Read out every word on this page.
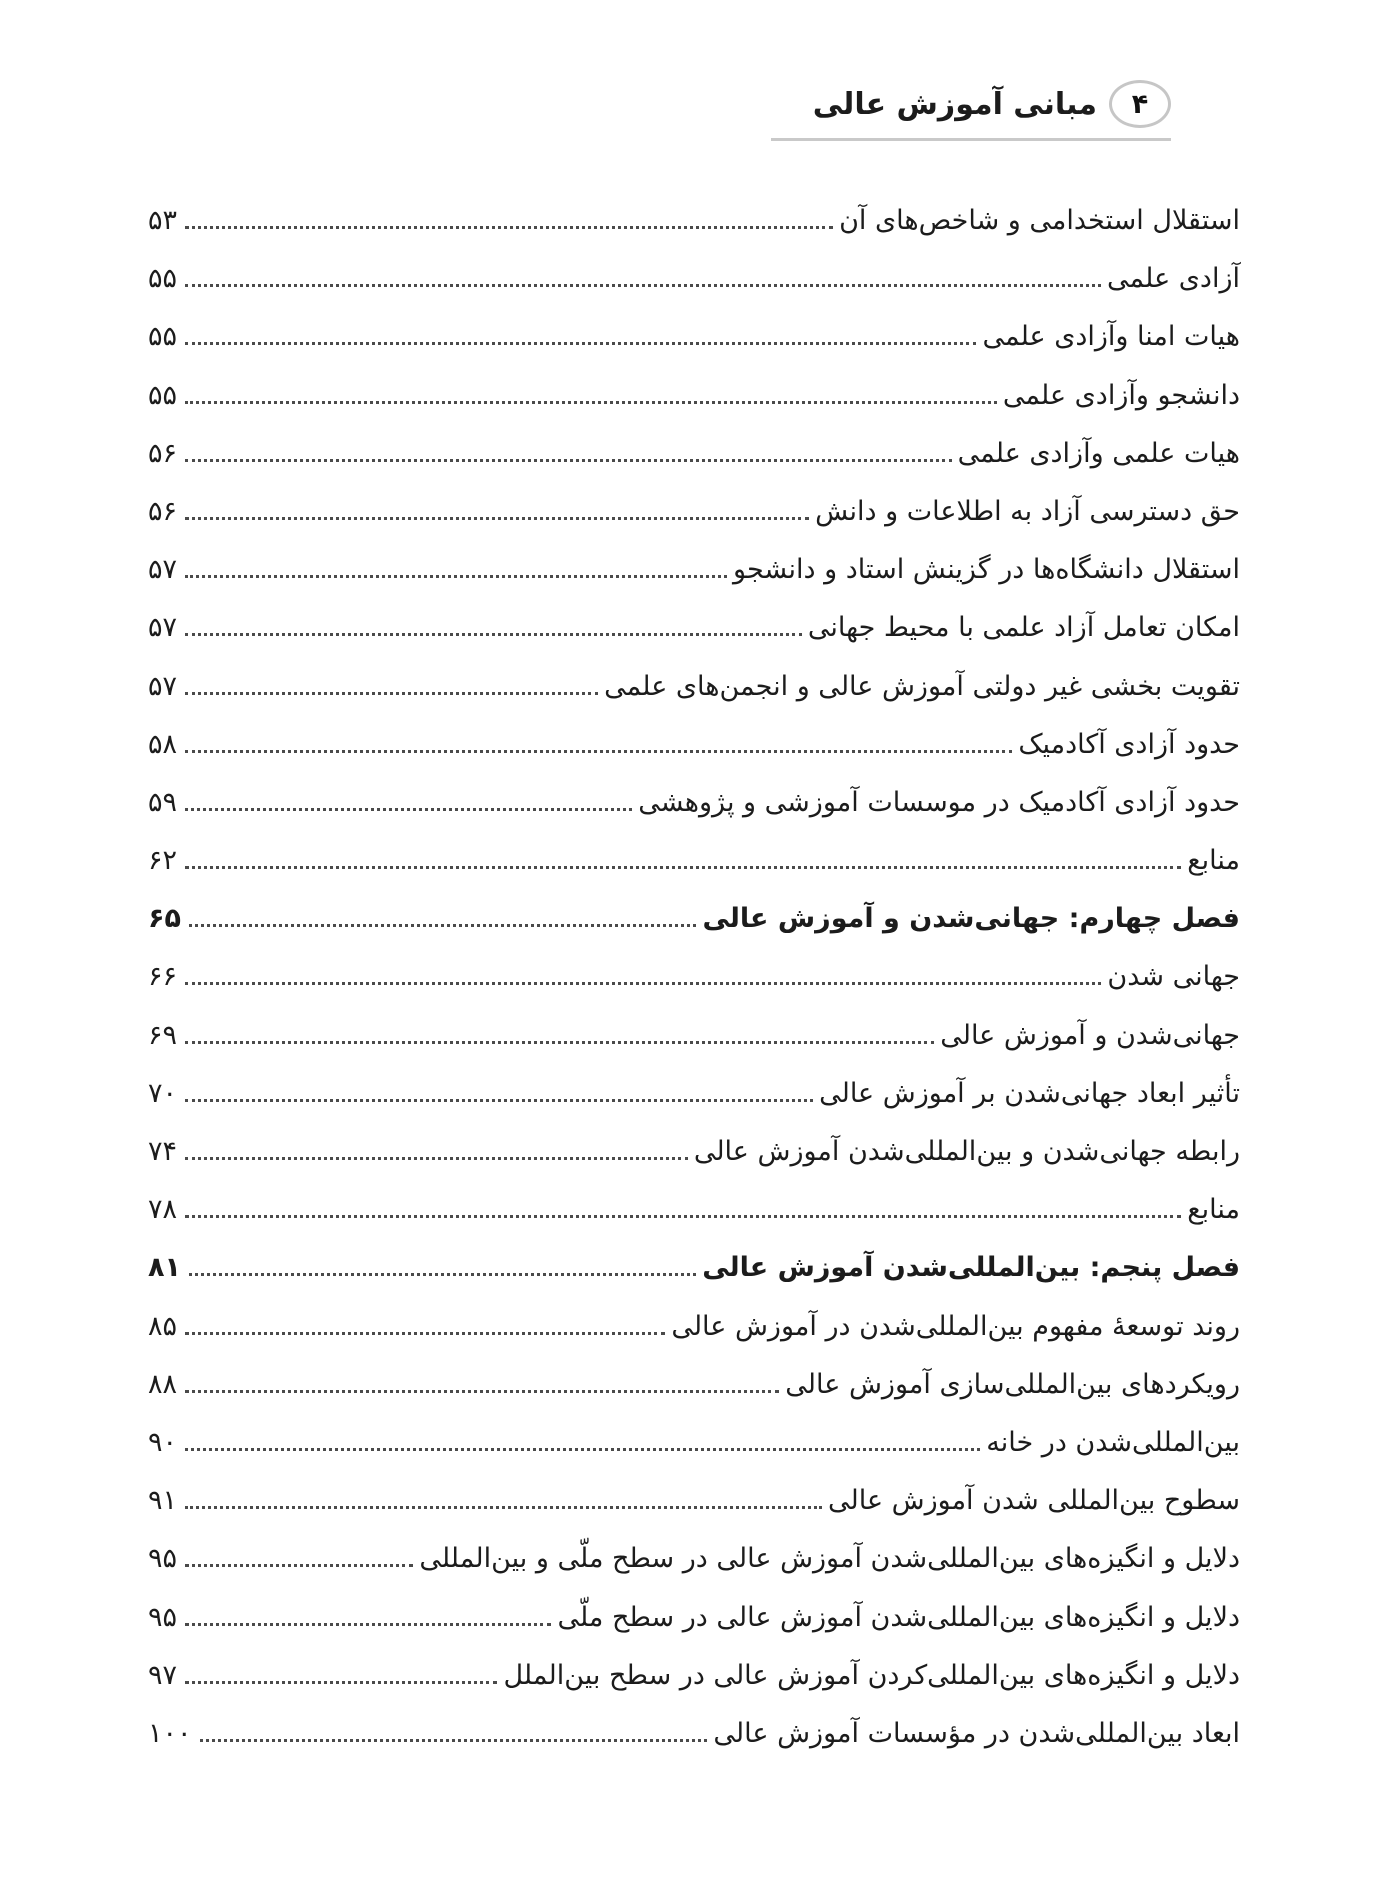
۴
مبانی آموزش عالی
استقلال استخدامی و شاخص‌های آن
۵۳
آزادی علمی
۵۵
هیات امنا وآزادی علمی
۵۵
دانشجو وآزادی علمی
۵۵
هیات علمی وآزادی علمی
۵۶
حق دسترسی آزاد به اطلاعات و دانش
۵۶
استقلال دانشگاه‌ها در گزینش استاد و دانشجو
۵۷
امکان تعامل آزاد علمی با محیط جهانی
۵۷
تقویت بخشی غیر دولتی آموزش عالی و انجمن‌های علمی
۵۷
حدود آزادی آکادمیک
۵۸
حدود آزادی آکادمیک در موسسات آموزشی و پژوهشی
۵۹
منابع
۶۲
فصل چهارم: جهانی‌شدن و آموزش عالی
۶۵
جهانی شدن
۶۶
جهانی‌شدن و آموزش عالی
۶۹
تأثیر ابعاد جهانی‌شدن بر آموزش عالی
۷۰
رابطه جهانی‌شدن و بین‌المللی‌شدن آموزش عالی
۷۴
منابع
۷۸
فصل پنجم: بین‌المللی‌شدن آموزش عالی
۸۱
روند توسعهٔ مفهوم بین‌المللی‌شدن در آموزش عالی
۸۵
رویکردهای بین‌المللی‌سازی آموزش عالی
۸۸
بین‌المللی‌شدن در خانه
۹۰
سطوح بین‌المللی شدن آموزش عالی
۹۱
دلایل و انگیزه‌های بین‌المللی‌شدن آموزش عالی در سطح ملّی و بین‌المللی
۹۵
دلایل و انگیزه‌های بین‌المللی‌شدن آموزش عالی در سطح ملّی
۹۵
دلایل و انگیزه‌های بین‌المللی‌کردن آموزش عالی در سطح بین‌الملل
۹۷
ابعاد بین‌المللی‌شدن در مؤسسات آموزش عالی
۱۰۰
